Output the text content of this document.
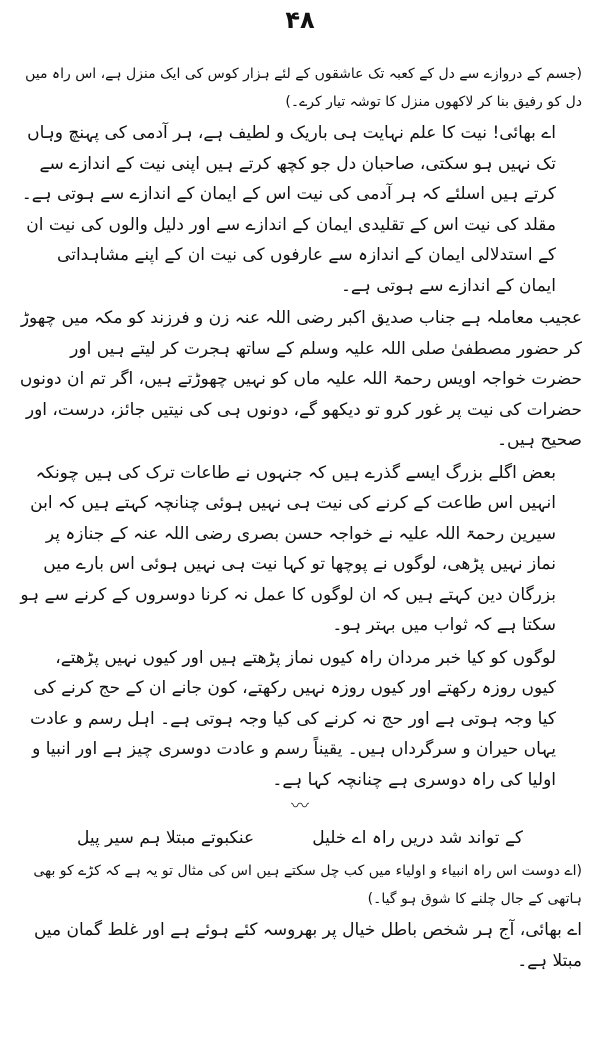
۴۸

(جسم کے دروازے سے دل کے کعبہ تک عاشقوں کے لئے ہزار کوس کی ایک منزل ہے، اس راہ میں دل کو رفیق بنا کر لاکھوں منزل کا توشہ تیار کرے۔)

اے بھائی! نیت کا علم نہایت ہی باریک و لطیف ہے، ہر آدمی کی پہنچ وہاں تک نہیں ہو سکتی، صاحبان دل جو کچھ کرتے ہیں اپنی نیت کے اندازے سے کرتے ہیں اسلئے کہ ہر آدمی کی نیت اس کے ایمان کے اندازے سے ہوتی ہے۔ مقلد کی نیت اس کے تقلیدی ایمان کے اندازے سے اور دلیل والوں کی نیت ان کے استدلالی ایمان کے اندازہ سے عارفوں کی نیت ان کے اپنے مشاہداتی ایمان کے اندازے سے ہوتی ہے۔

عجیب معاملہ ہے جناب صدیق اکبر رضی اللہ عنہ زن و فرزند کو مکہ میں چھوڑ کر حضور مصطفیٰ صلی اللہ علیہ وسلم کے ساتھ ہجرت کر لیتے ہیں اور حضرت خواجہ اویس رحمۃ اللہ علیہ ماں کو نہیں چھوڑتے ہیں، اگر تم ان دونوں حضرات کی نیت پر غور کرو تو دیکھو گے، دونوں ہی کی نیتیں جائز، درست، اور صحیح ہیں۔

بعض اگلے بزرگ ایسے گذرے ہیں کہ جنہوں نے طاعات ترک کی ہیں چونکہ انہیں اس طاعت کے کرنے کی نیت ہی نہیں ہوئی چنانچہ کہتے ہیں کہ ابن سیرین رحمۃ اللہ علیہ نے خواجہ حسن بصری رضی اللہ عنہ کے جنازہ پر نماز نہیں پڑھی، لوگوں نے پوچھا تو کہا نیت ہی نہیں ہوئی اس بارے میں بزرگان دین کہتے ہیں کہ ان لوگوں کا عمل نہ کرنا دوسروں کے کرنے سے ہو سکتا ہے کہ ثواب میں بہتر ہو۔

لوگوں کو کیا خبر مردان راہ کیوں نماز پڑھتے ہیں اور کیوں نہیں پڑھتے، کیوں روزہ رکھتے اور کیوں روزہ نہیں رکھتے، کون جانے ان کے حج کرنے کی کیا وجہ ہوتی ہے اور حج نہ کرنے کی کیا وجہ ہوتی ہے۔ اہل رسم و عادت یہاں حیران و سرگرداں ہیں۔ یقیناً رسم و عادت دوسری چیز ہے اور انبیا و اولیا کی راہ دوسری ہے چنانچہ کہا ہے۔

〰
کے تواند شد دریں راہ اے خلیل
عنکبوتے مبتلا ہم سیر پیل

(اے دوست اس راہ انبیاء و اولیاء میں کب چل سکتے ہیں اس کی مثال تو یہ ہے کہ کڑے کو بھی ہاتھی کے جال چلنے کا شوق ہو گیا۔)

اے بھائی، آج ہر شخص باطل خیال پر بھروسہ کئے ہوئے ہے اور غلط گمان میں مبتلا ہے۔
